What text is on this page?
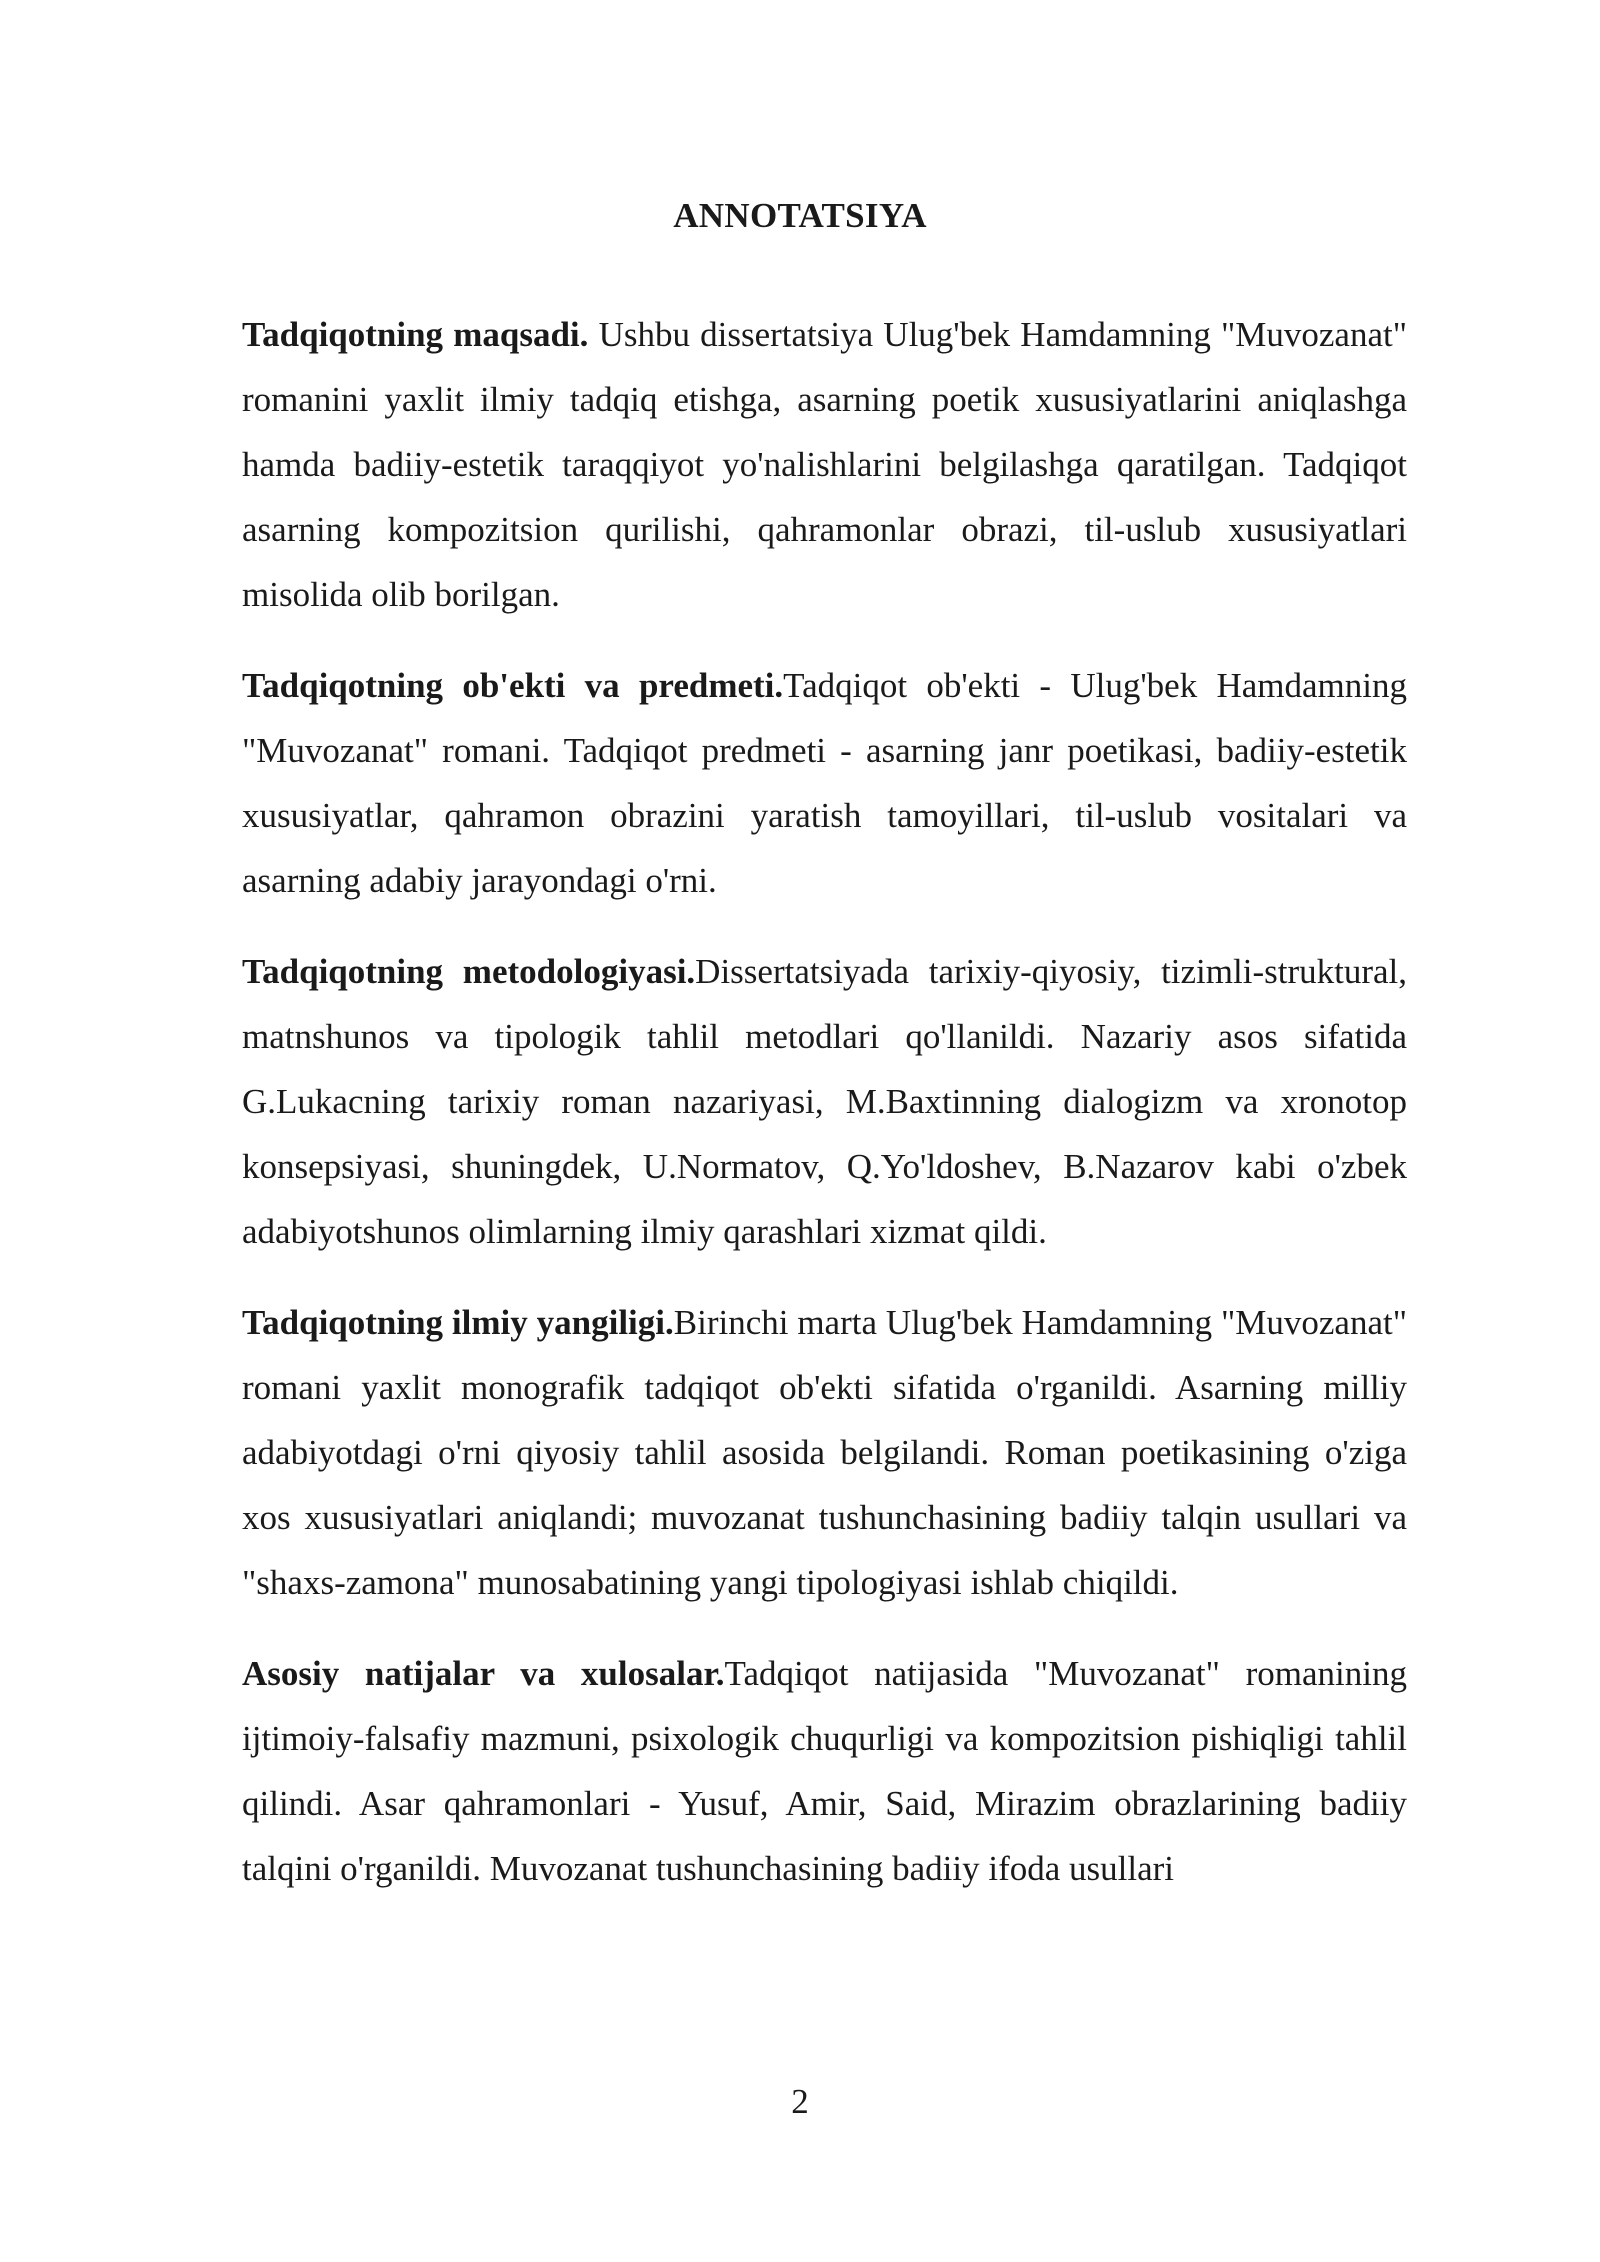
ANNOTATSIYA

Tadqiqotning maqsadi. Ushbu dissertatsiya Ulug'bek Hamdamning "Muvozanat" romanini yaxlit ilmiy tadqiq etishga, asarning poetik xususiyatlarini aniqlashga hamda badiiy-estetik taraqqiyot yo'nalishlarini belgilashga qaratilgan. Tadqiqot asarning kompozitsion qurilishi, qahramonlar obrazi, til-uslub xususiyatlari misolida olib borilgan.

Tadqiqotning ob'ekti va predmeti.Tadqiqot ob'ekti - Ulug'bek Hamdamning "Muvozanat" romani. Tadqiqot predmeti - asarning janr poetikasi, badiiy-estetik xususiyatlar, qahramon obrazini yaratish tamoyillari, til-uslub vositalari va asarning adabiy jarayondagi o'rni.

Tadqiqotning metodologiyasi.Dissertatsiyada tarixiy-qiyosiy, tizimli-struktural, matnshunos va tipologik tahlil metodlari qo'llanildi. Nazariy asos sifatida G.Lukacning tarixiy roman nazariyasi, M.Baxtinning dialogizm va xronotop konsepsiyasi, shuningdek, U.Normatov, Q.Yo'ldoshev, B.Nazarov kabi o'zbek adabiyotshunos olimlarning ilmiy qarashlari xizmat qildi.

Tadqiqotning ilmiy yangiligi.Birinchi marta Ulug'bek Hamdamning "Muvozanat" romani yaxlit monografik tadqiqot ob'ekti sifatida o'rganildi. Asarning milliy adabiyotdagi o'rni qiyosiy tahlil asosida belgilandi. Roman poetikasining o'ziga xos xususiyatlari aniqlandi; muvozanat tushunchasining badiiy talqin usullari va "shaxs-zamona" munosabatining yangi tipologiyasi ishlab chiqildi.

Asosiy natijalar va xulosalar.Tadqiqot natijasida "Muvozanat" romanining ijtimoiy-falsafiy mazmuni, psixologik chuqurligi va kompozitsion pishiqligi tahlil qilindi. Asar qahramonlari - Yusuf, Amir, Said, Mirazim obrazlarining badiiy talqini o'rganildi. Muvozanat tushunchasining badiiy ifoda usullari

2
